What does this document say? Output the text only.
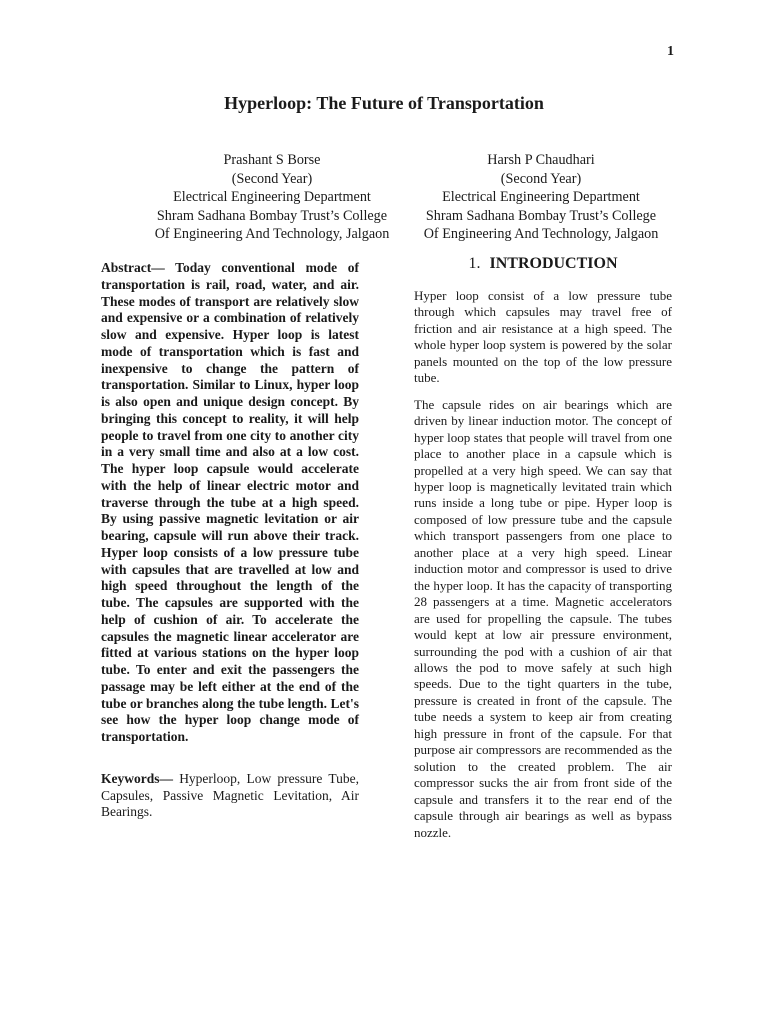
1
Hyperloop: The Future of Transportation
Prashant S Borse
(Second Year)
Electrical Engineering Department
Shram Sadhana Bombay Trust’s College
Of Engineering And Technology, Jalgaon
Harsh P Chaudhari
(Second Year)
Electrical Engineering Department
Shram Sadhana Bombay Trust’s College
Of Engineering And Technology, Jalgaon

Abstract— Today conventional mode of transportation is rail, road, water, and air. These modes of transport are relatively slow and expensive or a combination of relatively slow and expensive. Hyper loop is latest mode of transportation which is fast and inexpensive to change the pattern of transportation. Similar to Linux, hyper loop is also open and unique design concept. By bringing this concept to reality, it will help people to travel from one city to another city in a very small time and also at a low cost. The hyper loop capsule would accelerate with the help of linear electric motor and traverse through the tube at a high speed. By using passive magnetic levitation or air bearing, capsule will run above their track. Hyper loop consists of a low pressure tube with capsules that are travelled at low and high speed throughout the length of the tube. The capsules are supported with the help of cushion of air. To accelerate the capsules the magnetic linear accelerator are fitted at various stations on the hyper loop tube. To enter and exit the passengers the passage may be left either at the end of the tube or branches along the tube length. Let's see how the hyper loop change mode of transportation.

Keywords— Hyperloop, Low pressure Tube, Capsules, Passive Magnetic Levitation, Air Bearings.

1. INTRODUCTION

Hyper loop consist of a low pressure tube through which capsules may travel free of friction and air resistance at a high speed. The whole hyper loop system is powered by the solar panels mounted on the top of the low pressure tube.

The capsule rides on air bearings which are driven by linear induction motor. The concept of hyper loop states that people will travel from one place to another place in a capsule which is propelled at a very high speed. We can say that hyper loop is magnetically levitated train which runs inside a long tube or pipe. Hyper loop is composed of low pressure tube and the capsule which transport passengers from one place to another place at a very high speed. Linear induction motor and compressor is used to drive the hyper loop. It has the capacity of transporting 28 passengers at a time. Magnetic accelerators are used for propelling the capsule. The tubes would kept at low air pressure environment, surrounding the pod with a cushion of air that allows the pod to move safely at such high speeds. Due to the tight quarters in the tube, pressure is created in front of the capsule. The tube needs a system to keep air from creating high pressure in front of the capsule. For that purpose air compressors are recommended as the solution to the created problem. The air compressor sucks the air from front side of the capsule and transfers it to the rear end of the capsule through air bearings as well as bypass nozzle.
